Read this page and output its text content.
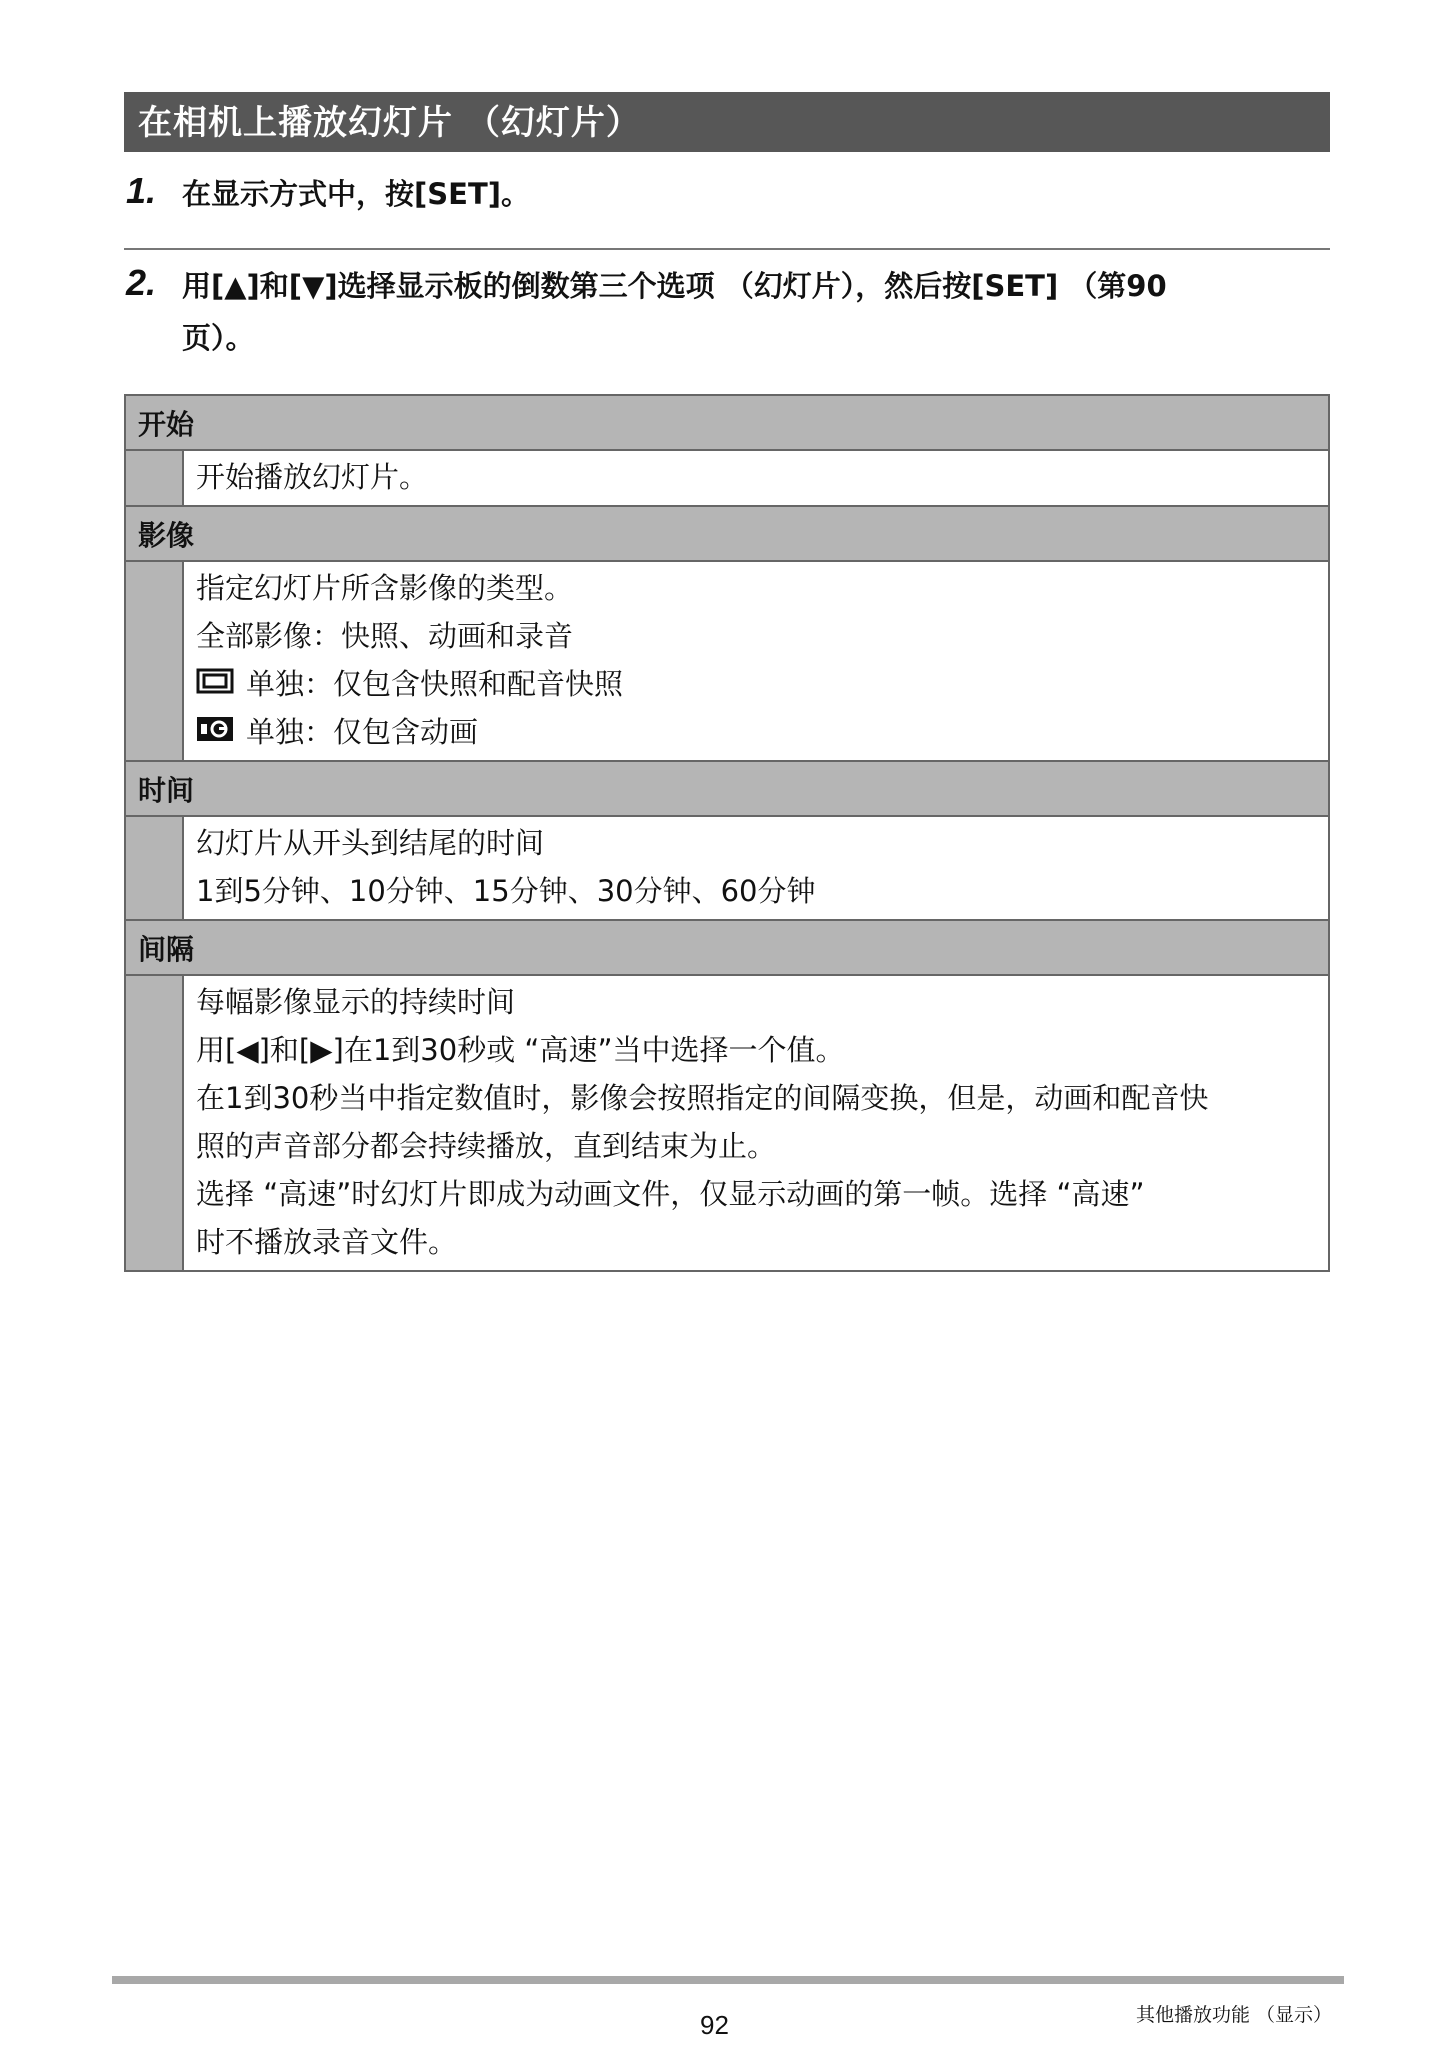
在相机上播放幻灯片 （幻灯片）
1. 在显示方式中，按[SET]。
2. 用[▲]和[▼]选择显示板的倒数第三个选项 （幻灯片），然后按[SET] （第90
页）。
开始
开始播放幻灯片。
影像
指定幻灯片所含影像的类型。
全部影像：快照、动画和录音
单独：仅包含快照和配音快照
单独：仅包含动画
时间
幻灯片从开头到结尾的时间
1到5分钟、10分钟、15分钟、30分钟、60分钟
间隔
每幅影像显示的持续时间
用[◀]和[▶]在1到30秒或 “高速”当中选择一个值。
在1到30秒当中指定数值时，影像会按照指定的间隔变换，但是，动画和配音快
照的声音部分都会持续播放，直到结束为止。
选择 “高速”时幻灯片即成为动画文件，仅显示动画的第一帧。选择 “高速”
时不播放录音文件。
92	其他播放功能 （显示）
